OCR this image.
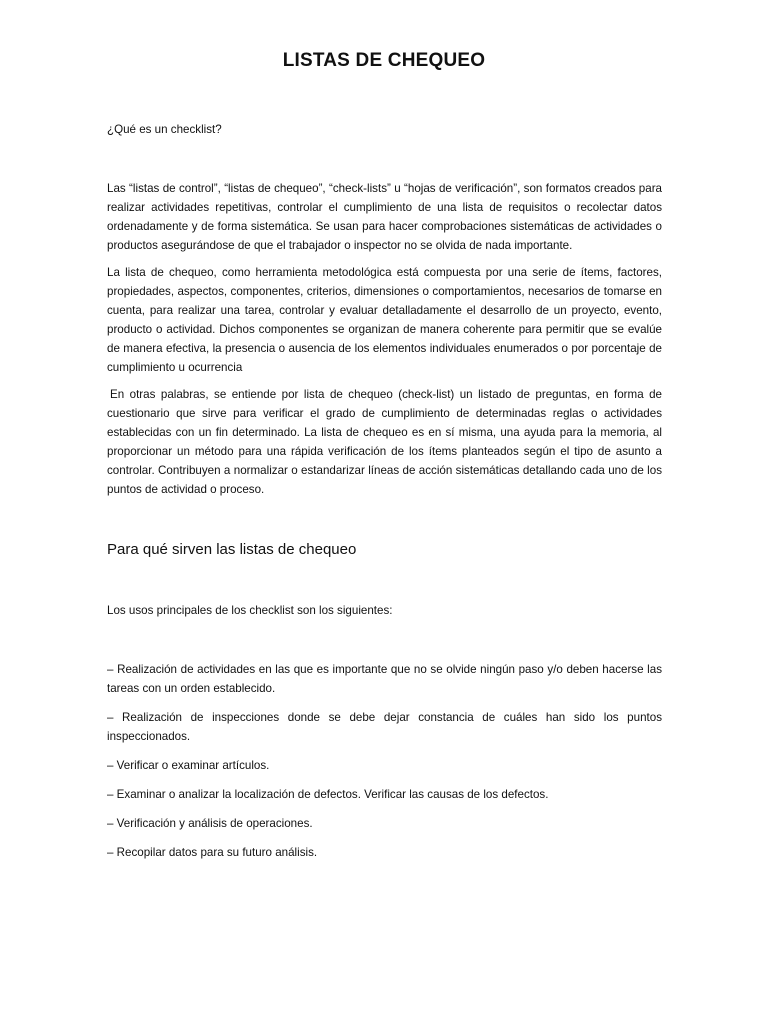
LISTAS DE CHEQUEO

¿Qué es un checklist?

Las “listas de control”, “listas de chequeo”, “check-lists” u “hojas de verificación”, son formatos creados para realizar actividades repetitivas, controlar el cumplimiento de una lista de requisitos o recolectar datos ordenadamente y de forma sistemática. Se usan para hacer comprobaciones sistemáticas de actividades o productos asegurándose de que el trabajador o inspector no se olvida de nada importante.

La lista de chequeo, como herramienta metodológica está compuesta por una serie de ítems, factores, propiedades, aspectos, componentes, criterios, dimensiones o comportamientos, necesarios de tomarse en cuenta, para realizar una tarea, controlar y evaluar detalladamente el desarrollo de un proyecto, evento, producto o actividad. Dichos componentes se organizan de manera coherente para permitir que se evalúe de manera efectiva, la presencia o ausencia de los elementos individuales enumerados o por porcentaje de cumplimiento u ocurrencia

En otras palabras, se entiende por lista de chequeo (check-list) un listado de preguntas, en forma de cuestionario que sirve para verificar el grado de cumplimiento de determinadas reglas o actividades establecidas con un fin determinado. La lista de chequeo es en sí misma, una ayuda para la memoria, al proporcionar un método para una rápida verificación de los ítems planteados según el tipo de asunto a controlar. Contribuyen a normalizar o estandarizar líneas de acción sistemáticas detallando cada uno de los puntos de actividad o proceso.

Para qué sirven las listas de chequeo

Los usos principales de los checklist son los siguientes:

– Realización de actividades en las que es importante que no se olvide ningún paso y/o deben hacerse las tareas con un orden establecido.
– Realización de inspecciones donde se debe dejar constancia de cuáles han sido los puntos inspeccionados.
– Verificar o examinar artículos.
– Examinar o analizar la localización de defectos. Verificar las causas de los defectos.
– Verificación y análisis de operaciones.
– Recopilar datos para su futuro análisis.
